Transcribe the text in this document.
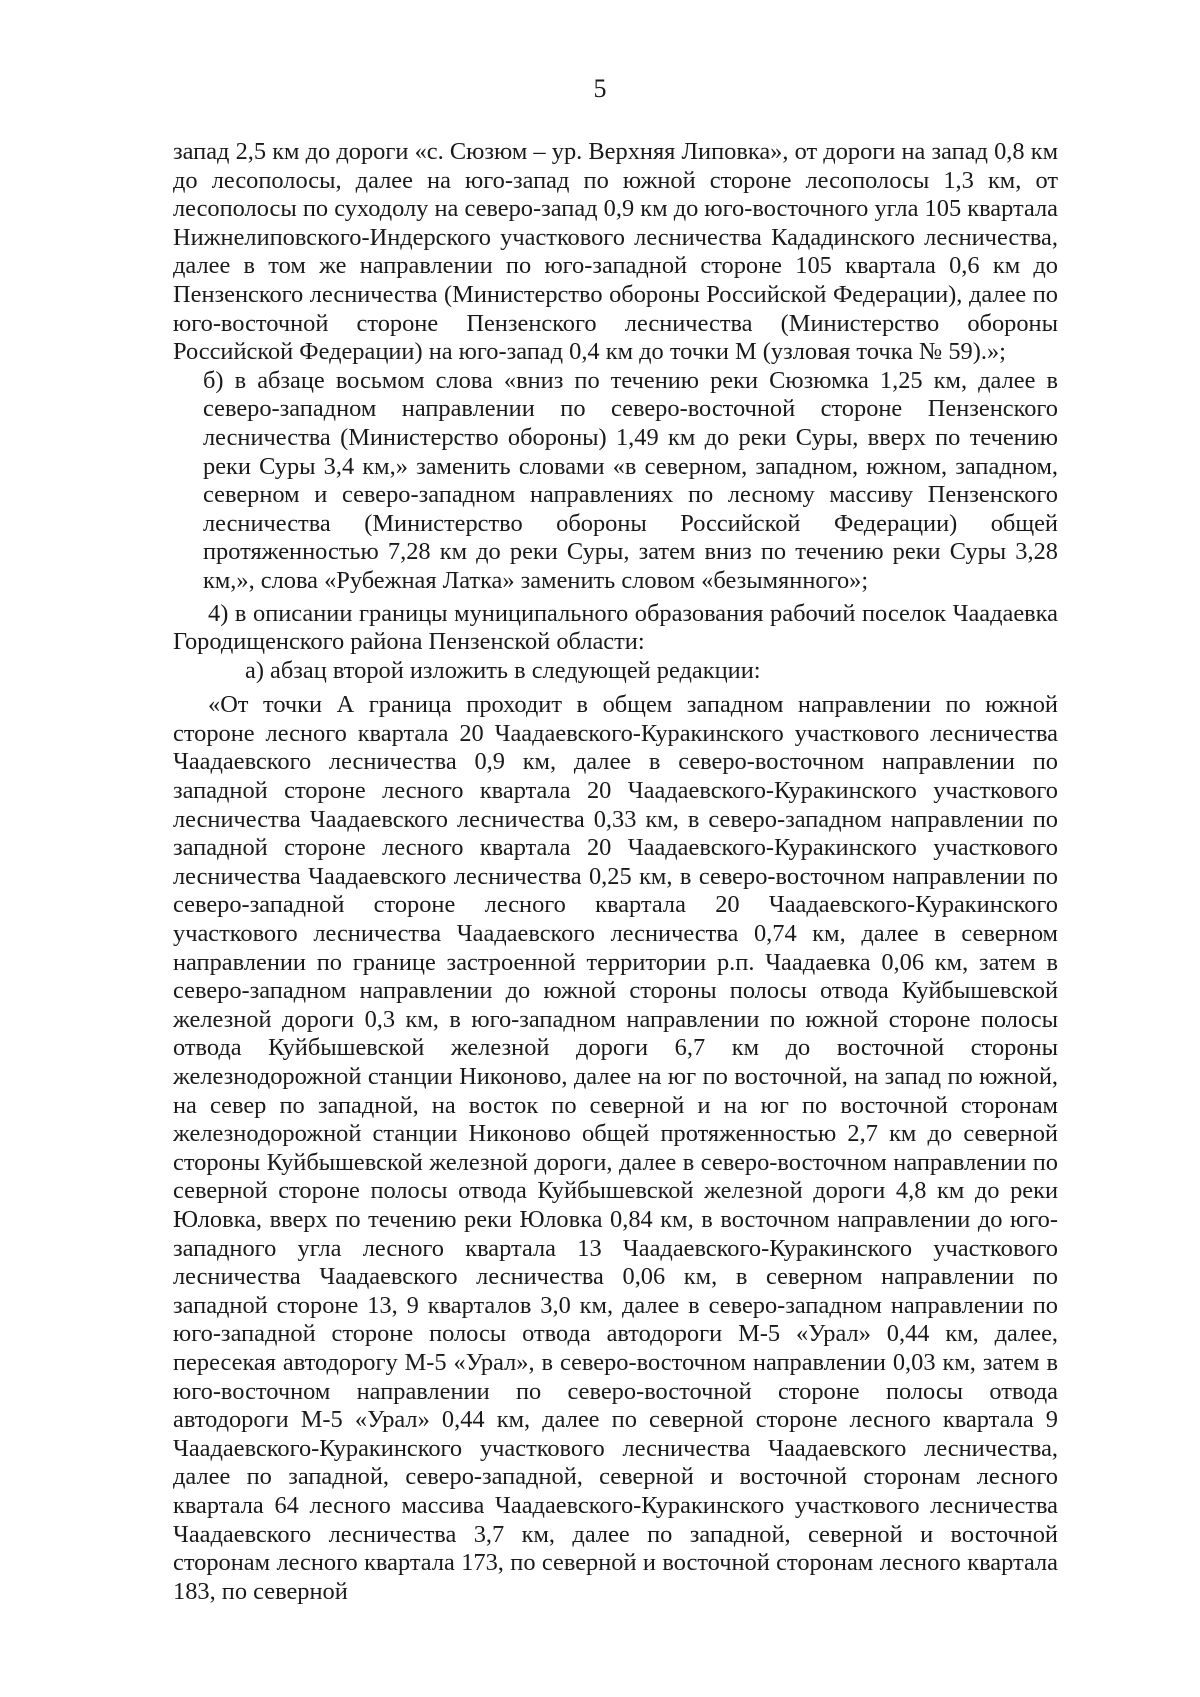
5

запад 2,5 км до дороги «с. Сюзюм – ур. Верхняя Липовка», от дороги на запад 0,8 км до лесополосы, далее на юго-запад по южной стороне лесополосы 1,3 км, от лесополосы по суходолу на северо-запад 0,9 км до юго-восточного угла 105 квартала Нижнелиповского-Индерского участкового лесничества Кададинского лесничества, далее в том же направлении по юго-западной стороне 105 квартала 0,6 км до Пензенского лесничества (Министерство обороны Российской Федерации), далее по юго-восточной стороне Пензенского лесничества (Министерство обороны Российской Федерации) на юго-запад 0,4 км до точки М (узловая точка № 59).»;

б) в абзаце восьмом слова «вниз по течению реки Сюзюмка 1,25 км, далее в северо-западном направлении по северо-восточной стороне Пензенского лесничества (Министерство обороны) 1,49 км до реки Суры, вверх по течению реки Суры 3,4 км,» заменить словами «в северном, западном, южном, западном, северном и северо-западном направлениях по лесному массиву Пензенского лесничества (Министерство обороны Российской Федерации) общей протяженностью 7,28 км до реки Суры, затем вниз по течению реки Суры 3,28 км,», слова «Рубежная Латка» заменить словом «безымянного»;

4) в описании границы муниципального образования рабочий поселок Чаадаевка Городищенского района Пензенской области:

а) абзац второй изложить в следующей редакции:

«От точки А граница проходит в общем западном направлении по южной стороне лесного квартала 20 Чаадаевского-Куракинского участкового лесничества Чаадаевского лесничества 0,9 км, далее в северо-восточном направлении по западной стороне лесного квартала 20 Чаадаевского-Куракинского участкового лесничества Чаадаевского лесничества 0,33 км, в северо-западном направлении по западной стороне лесного квартала 20 Чаадаевского-Куракинского участкового лесничества Чаадаевского лесничества 0,25 км, в северо-восточном направлении по северо-западной стороне лесного квартала 20 Чаадаевского-Куракинского участкового лесничества Чаадаевского лесничества 0,74 км, далее в северном направлении по границе застроенной территории р.п. Чаадаевка 0,06 км, затем в северо-западном направлении до южной стороны полосы отвода Куйбышевской железной дороги 0,3 км, в юго-западном направлении по южной стороне полосы отвода Куйбышевской железной дороги 6,7 км до восточной стороны железнодорожной станции Никоново, далее на юг по восточной, на запад по южной, на север по западной, на восток по северной и на юг по восточной сторонам железнодорожной станции Никоново общей протяженностью 2,7 км до северной стороны Куйбышевской железной дороги, далее в северо-восточном направлении по северной стороне полосы отвода Куйбышевской железной дороги 4,8 км до реки Юловка, вверх по течению реки Юловка 0,84 км, в восточном направлении до юго-западного угла лесного квартала 13 Чаадаевского-Куракинского участкового лесничества Чаадаевского лесничества 0,06 км, в северном направлении по западной стороне 13, 9 кварталов 3,0 км, далее в северо-западном направлении по юго-западной стороне полосы отвода автодороги М-5 «Урал» 0,44 км, далее, пересекая автодорогу М-5 «Урал», в северо-восточном направлении 0,03 км, затем в юго-восточном направлении по северо-восточной стороне полосы отвода автодороги М-5 «Урал» 0,44 км, далее по северной стороне лесного квартала 9 Чаадаевского-Куракинского участкового лесничества Чаадаевского лесничества, далее по западной, северо-западной, северной и восточной сторонам лесного квартала 64 лесного массива Чаадаевского-Куракинского участкового лесничества Чаадаевского лесничества 3,7 км, далее по западной, северной и восточной сторонам лесного квартала 173, по северной и восточной сторонам лесного квартала 183, по северной
